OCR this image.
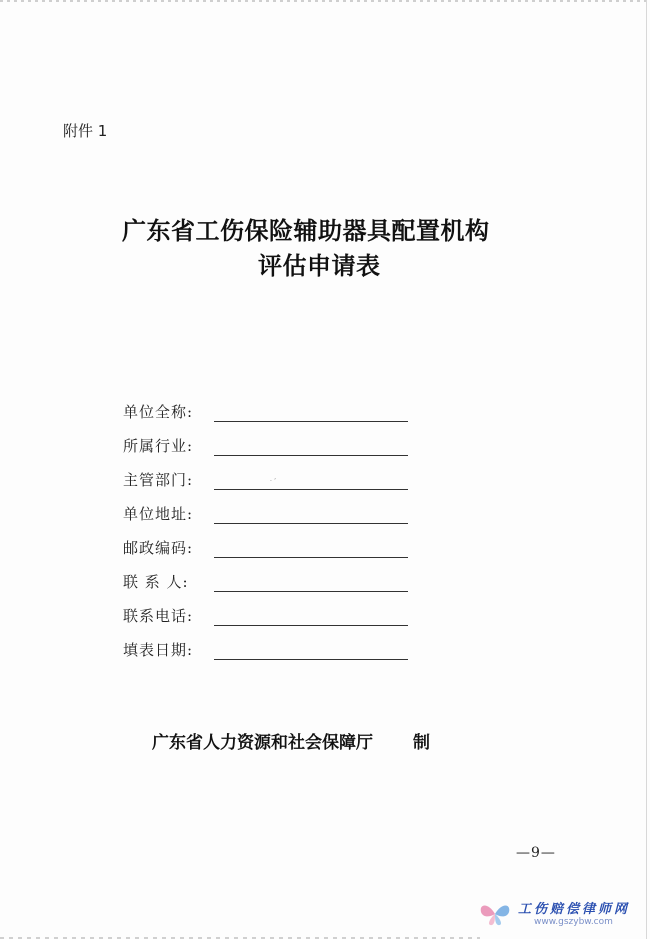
附件 1
广东省工伤保险辅助器具配置机构
评估申请表
单位全称:
所属行业:
主管部门:
单位地址:
邮政编码:
联 系 人:
联系电话:
填表日期:
· ʼ
广东省人力资源和社会保障厅 制
—9—
工伤赔偿律师网
www.gszybw.com
